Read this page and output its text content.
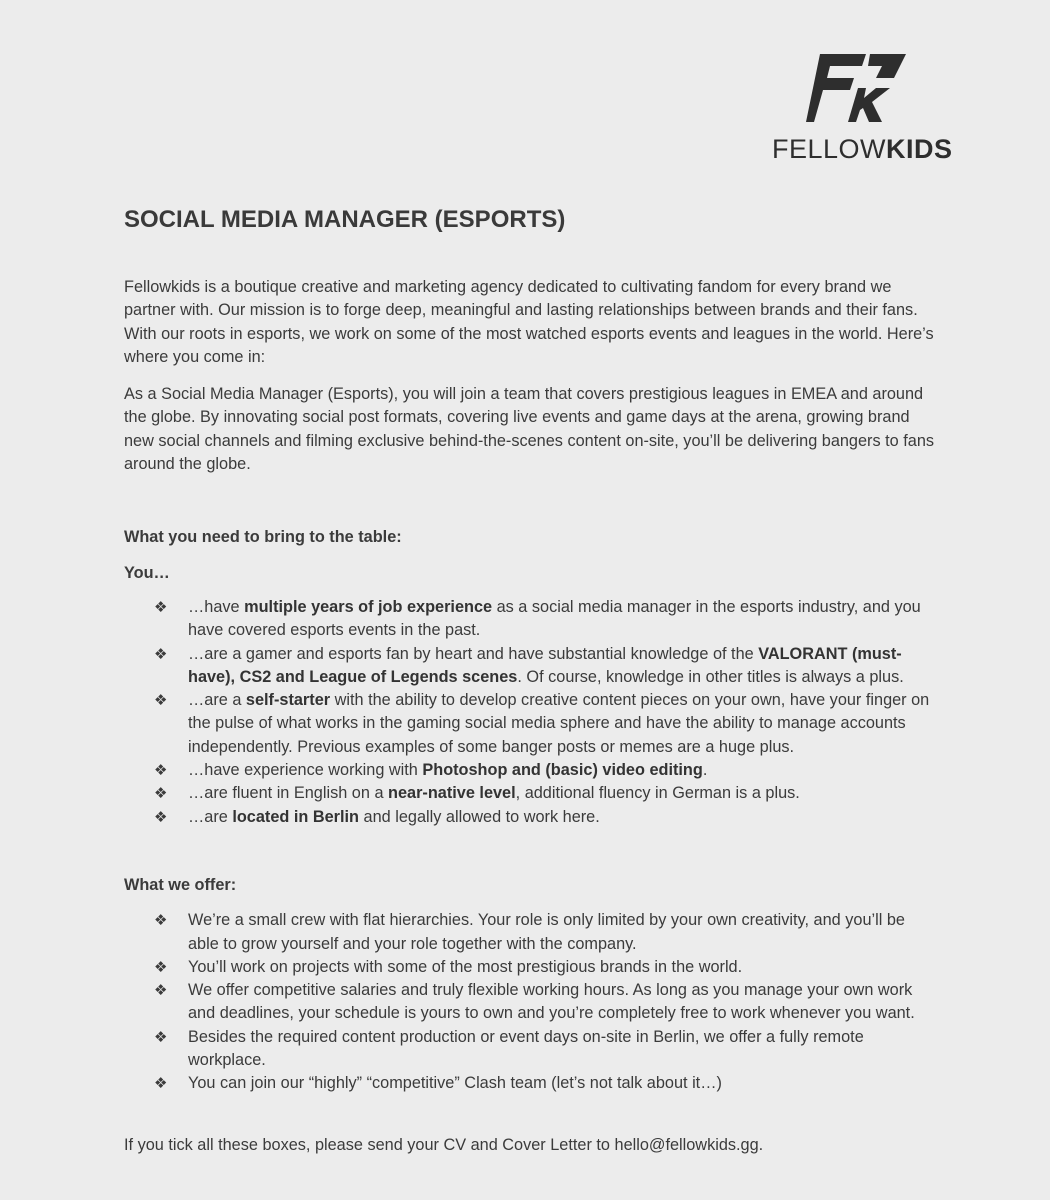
FELLOWKIDS
SOCIAL MEDIA MANAGER (ESPORTS)

Fellowkids is a boutique creative and marketing agency dedicated to cultivating fandom for every brand we partner with. Our mission is to forge deep, meaningful and lasting relationships between brands and their fans. With our roots in esports, we work on some of the most watched esports events and leagues in the world. Here’s where you come in:

As a Social Media Manager (Esports), you will join a team that covers prestigious leagues in EMEA and around the globe. By innovating social post formats, covering live events and game days at the arena, growing brand new social channels and filming exclusive behind-the-scenes content on-site, you’ll be delivering bangers to fans around the globe.

What you need to bring to the table:

You…

❖ …have multiple years of job experience as a social media manager in the esports industry, and you have covered esports events in the past.
❖ …are a gamer and esports fan by heart and have substantial knowledge of the VALORANT (must-have), CS2 and League of Legends scenes. Of course, knowledge in other titles is always a plus.
❖ …are a self-starter with the ability to develop creative content pieces on your own, have your finger on the pulse of what works in the gaming social media sphere and have the ability to manage accounts independently. Previous examples of some banger posts or memes are a huge plus.
❖ …have experience working with Photoshop and (basic) video editing.
❖ …are fluent in English on a near-native level, additional fluency in German is a plus.
❖ …are located in Berlin and legally allowed to work here.

What we offer:

❖ We’re a small crew with flat hierarchies. Your role is only limited by your own creativity, and you’ll be able to grow yourself and your role together with the company.
❖ You’ll work on projects with some of the most prestigious brands in the world.
❖ We offer competitive salaries and truly flexible working hours. As long as you manage your own work and deadlines, your schedule is yours to own and you’re completely free to work whenever you want.
❖ Besides the required content production or event days on-site in Berlin, we offer a fully remote workplace.
❖ You can join our “highly” “competitive” Clash team (let’s not talk about it…)

If you tick all these boxes, please send your CV and Cover Letter to hello@fellowkids.gg.
